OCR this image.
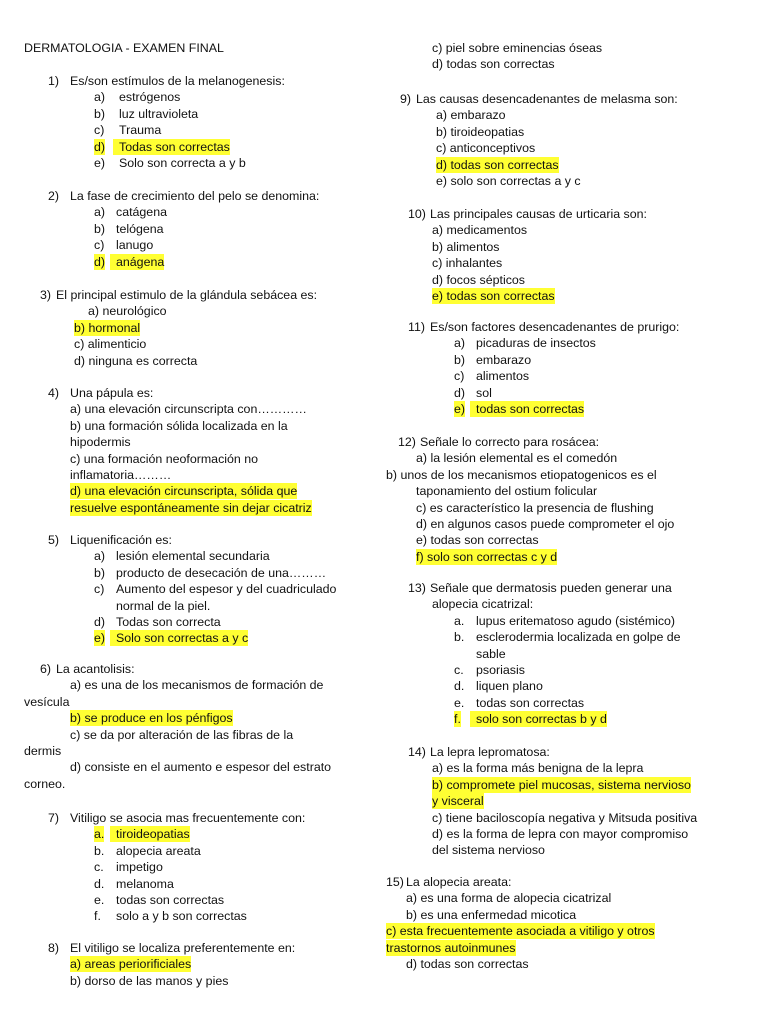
DERMATOLOGIA - EXAMEN FINAL
1) Es/son estímulos de la melanogenesis:
a) estrógenos
b) luz ultravioleta
c) Trauma
d)	Todas son correctas
e) Solo son correcta a y b
2) La fase de crecimiento del pelo se denomina:
a) catágena
b) telógena
c) lanugo
d) anágena
3) El principal estimulo de la glándula sebácea es:
a) neurológico
b) hormonal
c) alimenticio
d) ninguna es correcta
4) Una pápula es:
a) una elevación circunscripta con…………
b) una formación sólida localizada en la
hipodermis
c) una formación neoformación no
inflamatoria………
d) una elevación circunscripta, sólida que
resuelve espontáneamente sin dejar cicatriz
5) Liquenificación es:
a) lesión elemental secundaria
b) producto de desecación de una………
c) Aumento del espesor y del cuadriculado
normal de la piel.
d) Todas son correcta
e) Solo son correctas a y c
6) La acantolisis:
a) es una de los mecanismos de formación de
vesícula
b) se produce en los pénfigos
c) se da por alteración de las fibras de la
dermis
d) consiste en el aumento e espesor del estrato
corneo.
7) Vitiligo se asocia mas frecuentemente con:
a. tiroideopatias
b. alopecia areata
c. impetigo
d. melanoma
e. todas son correctas
f. solo a y b son correctas
8) El vitiligo se localiza preferentemente en:
a) areas periorificiales
b) dorso de las manos y pies
c) piel sobre eminencias óseas
d) todas son correctas
9) Las causas desencadenantes de melasma son:
a) embarazo
b) tiroideopatias
c) anticonceptivos
d) todas son correctas
e) solo son correctas a y c
10) Las principales causas de urticaria son:
a) medicamentos
b) alimentos
c) inhalantes
d) focos sépticos
e) todas son correctas
11) Es/son factores desencadenantes de prurigo:
a) picaduras de insectos
b) embarazo
c) alimentos
d) sol
e) todas son correctas
12) Señale lo correcto para rosácea:
a) la lesión elemental es el comedón
b) unos de los mecanismos etiopatogenicos es el
taponamiento del ostium folicular
c) es característico la presencia de flushing
d) en algunos casos puede comprometer el ojo
e) todas son correctas
f) solo son correctas c y d
13) Señale que dermatosis pueden generar una
alopecia cicatrizal:
a. lupus eritematoso agudo (sistémico)
b. esclerodermia localizada en golpe de
sable
c. psoriasis
d. liquen plano
e. todas son correctas
f.	solo son correctas b y d
14) La lepra lepromatosa:
a) es la forma más benigna de la lepra
b) compromete piel mucosas, sistema nervioso
y visceral
c) tiene baciloscopía negativa y Mitsuda positiva
d) es la forma de lepra con mayor compromiso
del sistema nervioso
15) La alopecia areata:
a) es una forma de alopecia cicatrizal
b) es una enfermedad micotica
c) esta frecuentemente asociada a vitiligo y otros
trastornos autoinmunes
d) todas son correctas
